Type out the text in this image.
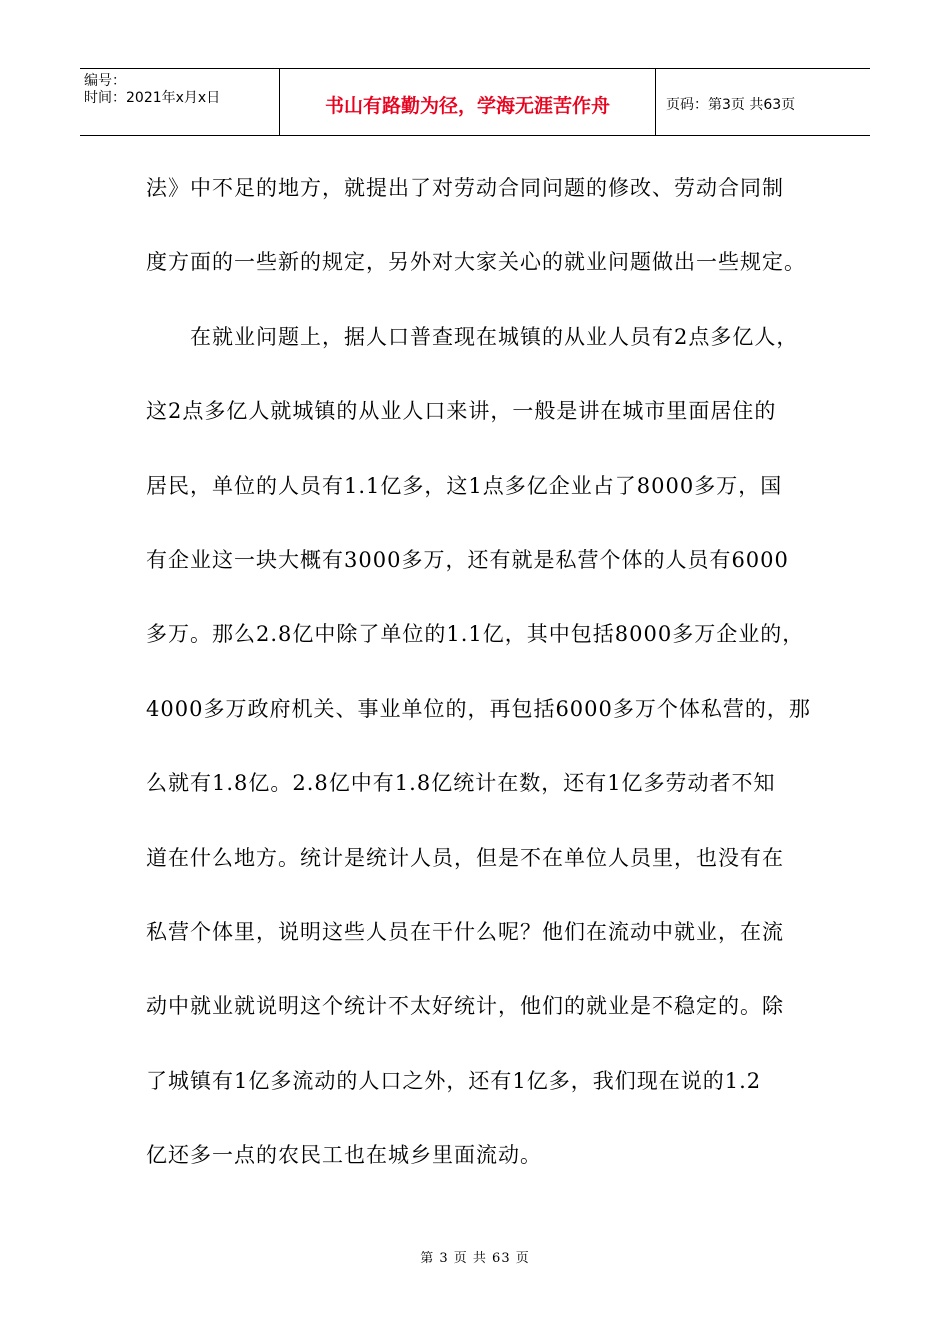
编号：
时间：2021年x月x日	书山有路勤为径，学海无涯苦作舟	页码：第3页 共63页
法》中不足的地方，就提出了对劳动合同问题的修改、劳动合同制
度方面的一些新的规定，另外对大家关心的就业问题做出一些规定。
　　在就业问题上，据人口普查现在城镇的从业人员有2点多亿人，
这2点多亿人就城镇的从业人口来讲，一般是讲在城市里面居住的
居民，单位的人员有1.1亿多，这1点多亿企业占了8000多万，国
有企业这一块大概有3000多万，还有就是私营个体的人员有6000
多万。那么2.8亿中除了单位的1.1亿，其中包括8000多万企业的，
4000多万政府机关、事业单位的，再包括6000多万个体私营的，那
么就有1.8亿。2.8亿中有1.8亿统计在数，还有1亿多劳动者不知
道在什么地方。统计是统计人员，但是不在单位人员里，也没有在
私营个体里，说明这些人员在干什么呢？他们在流动中就业，在流
动中就业就说明这个统计不太好统计，他们的就业是不稳定的。除
了城镇有1亿多流动的人口之外，还有1亿多，我们现在说的1.2
亿还多一点的农民工也在城乡里面流动。
第 3 页 共 63 页
